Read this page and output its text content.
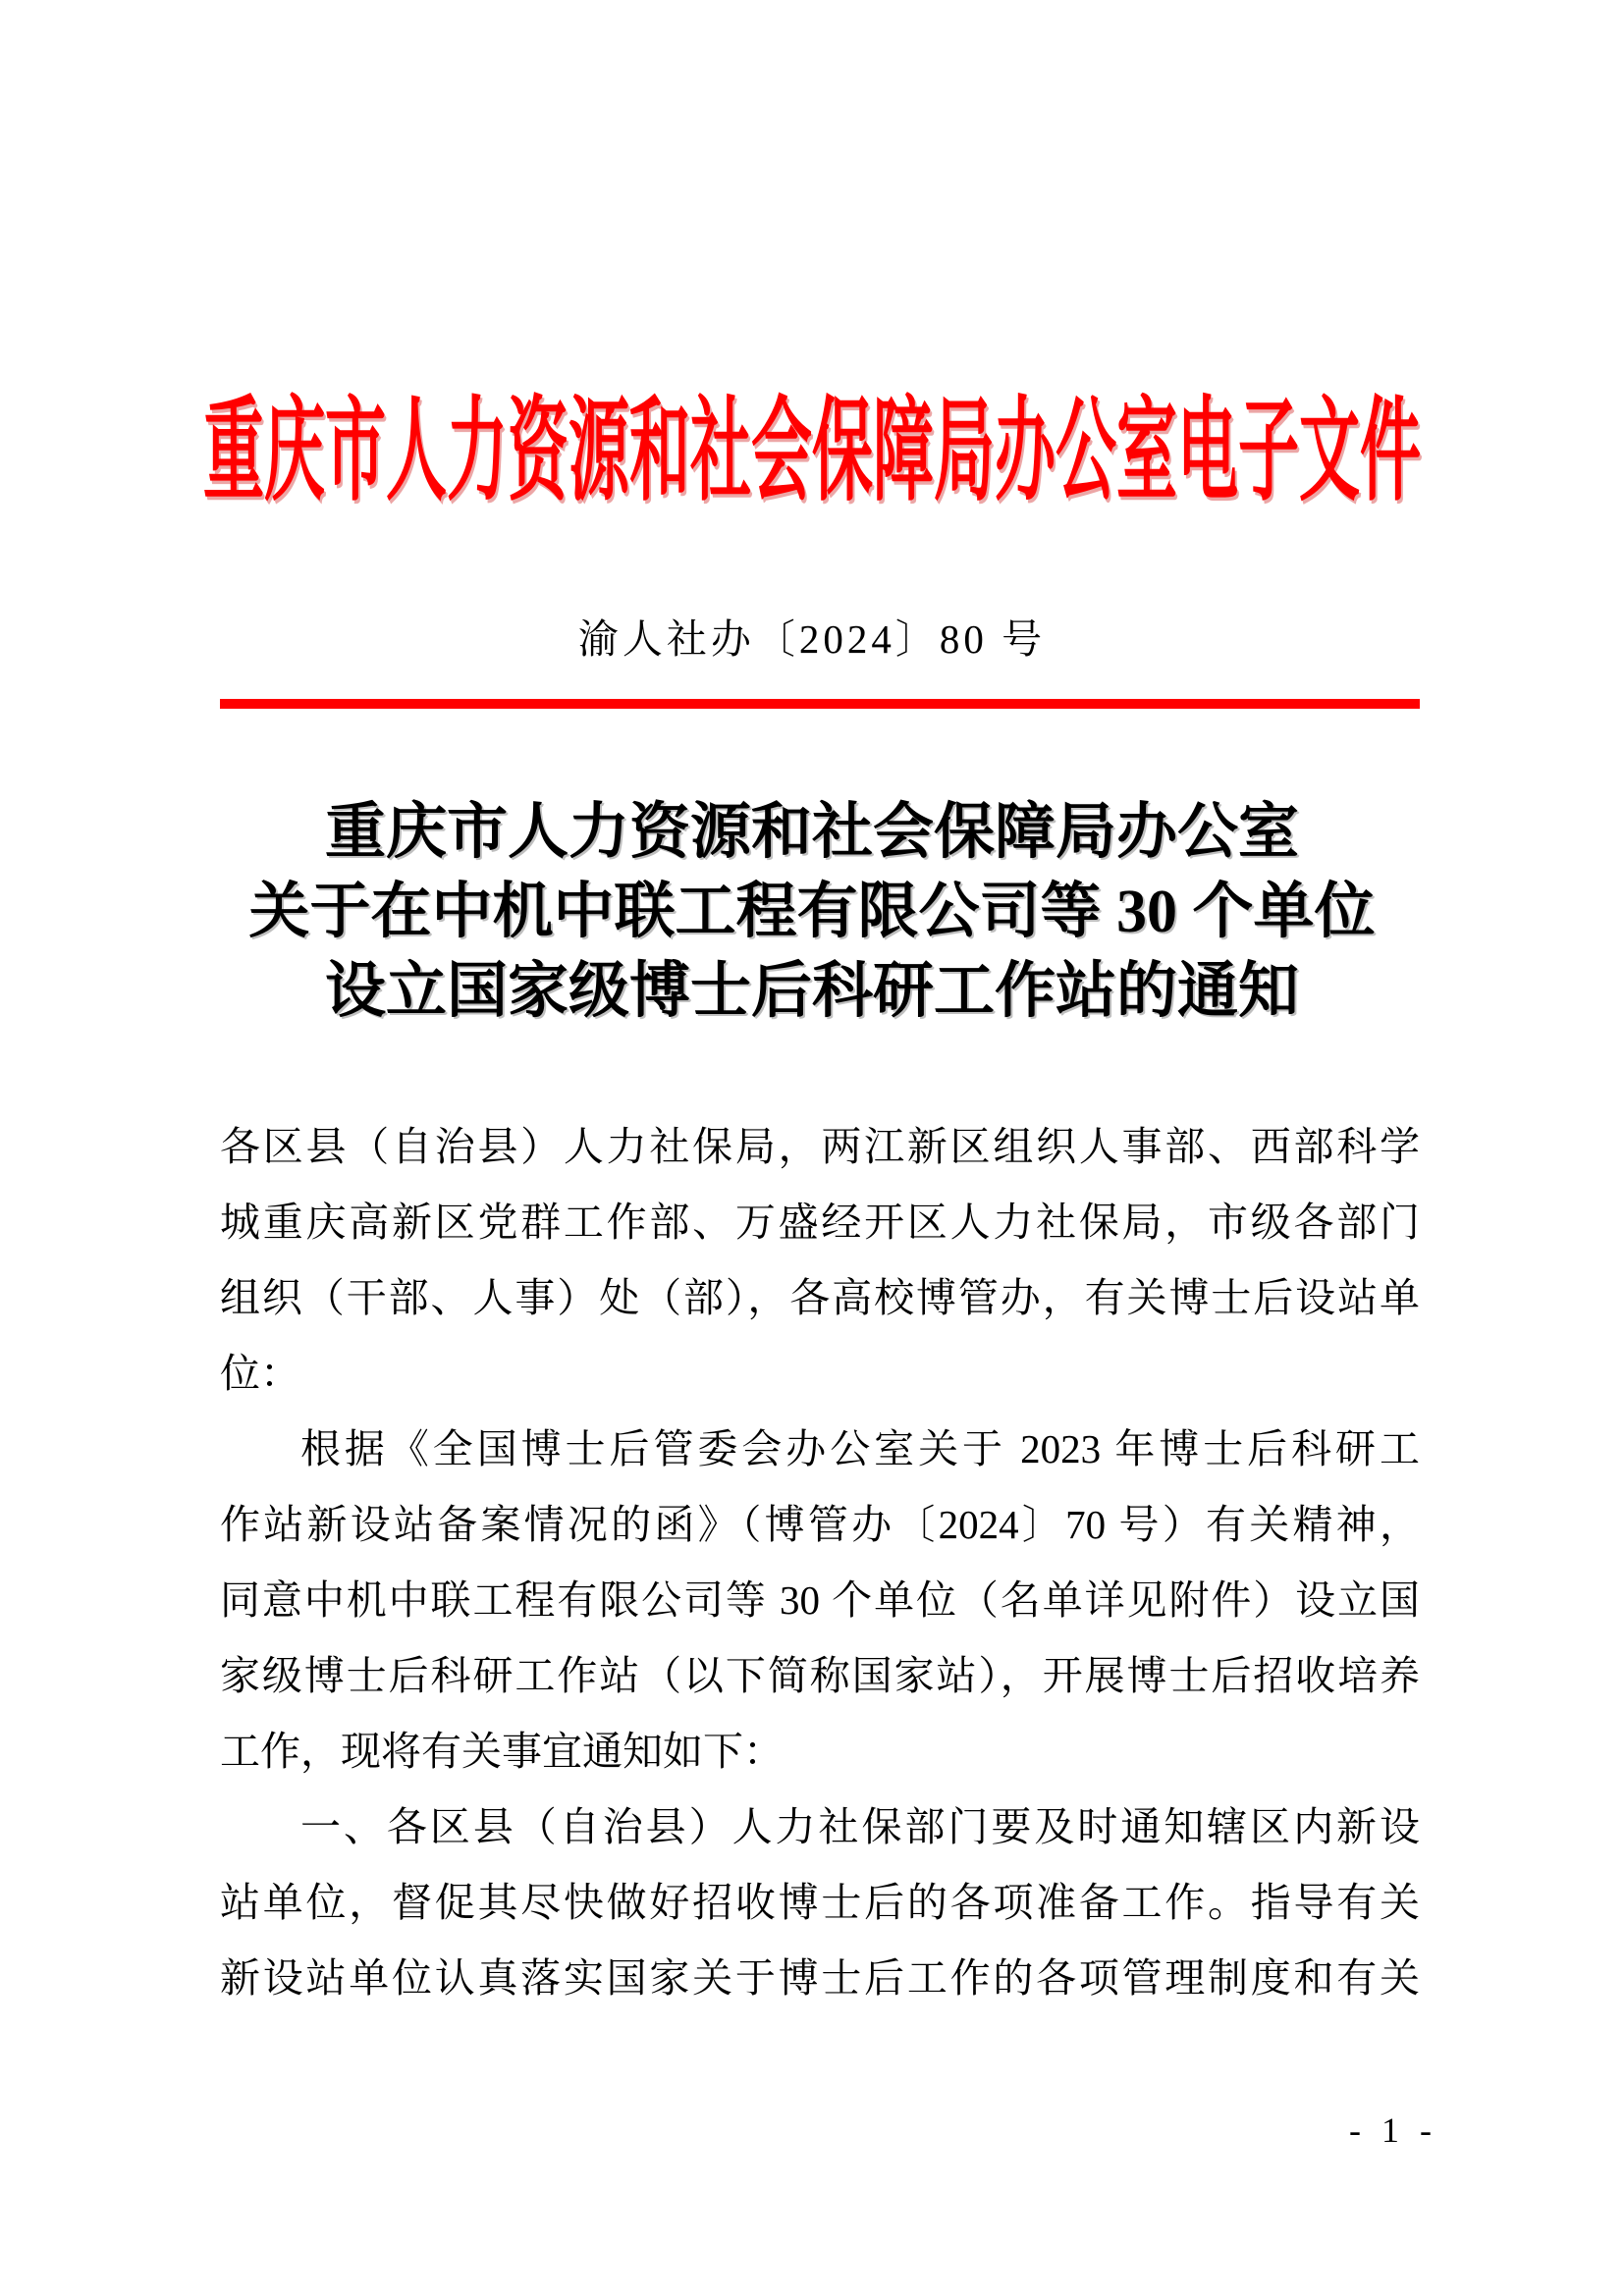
重庆市人力资源和社会保障局办公室电子文件
渝人社办〔2024〕80 号
重庆市人力资源和社会保障局办公室
关于在中机中联工程有限公司等 30 个单位
设立国家级博士后科研工作站的通知
各区县（自治县）人力社保局，两江新区组织人事部、西部科学
城重庆高新区党群工作部、万盛经开区人力社保局，市级各部门
组织（干部、人事）处（部），各高校博管办，有关博士后设站单
位：
根据《全国博士后管委会办公室关于 2023 年博士后科研工
作站新设站备案情况的函》（博管办〔2024〕70 号）有关精神，
同意中机中联工程有限公司等 30 个单位（名单详见附件）设立国
家级博士后科研工作站（以下简称国家站），开展博士后招收培养
工作，现将有关事宜通知如下：
一、各区县（自治县）人力社保部门要及时通知辖区内新设
站单位，督促其尽快做好招收博士后的各项准备工作。指导有关
新设站单位认真落实国家关于博士后工作的各项管理制度和有关
- 1 -
